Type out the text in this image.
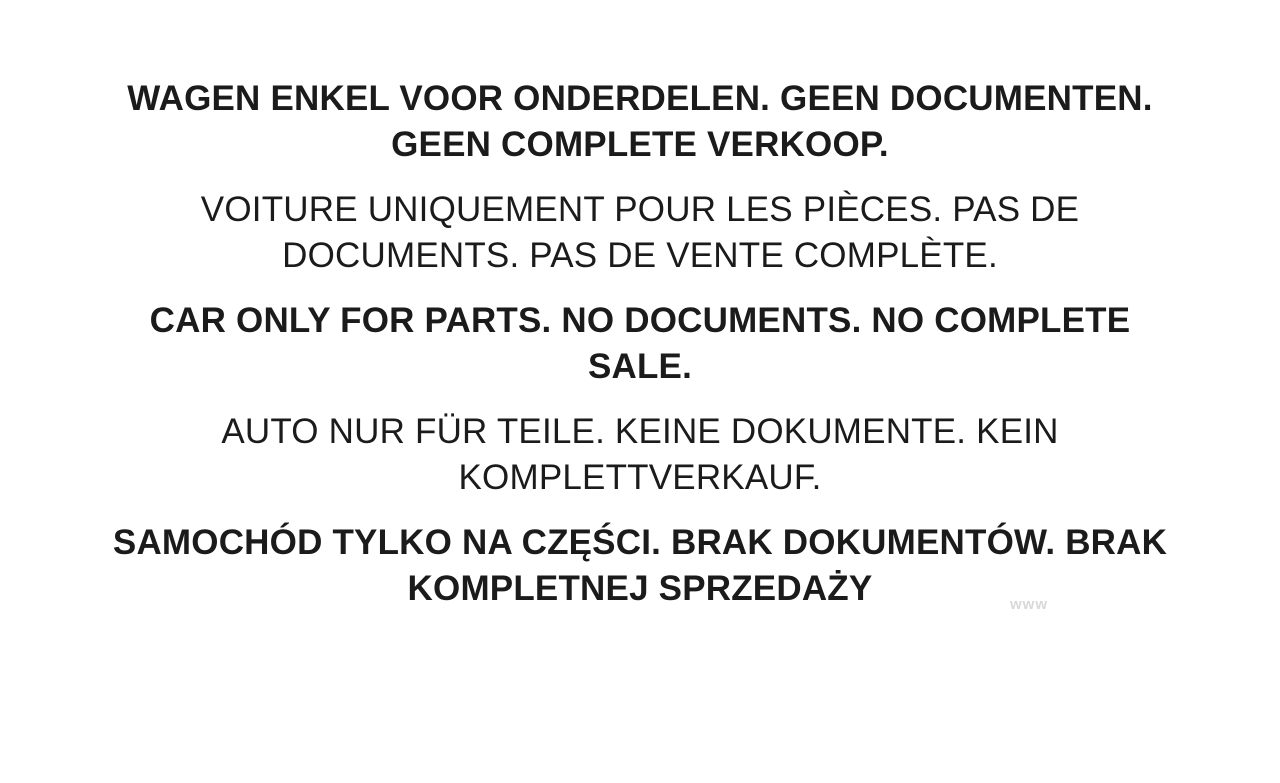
WAGEN ENKEL VOOR ONDERDELEN. GEEN DOCUMENTEN. GEEN COMPLETE VERKOOP.
VOITURE UNIQUEMENT POUR LES PIÈCES. PAS DE DOCUMENTS. PAS DE VENTE COMPLÈTE.
CAR ONLY FOR PARTS. NO DOCUMENTS. NO COMPLETE SALE.
AUTO NUR FÜR TEILE. KEINE DOKUMENTE. KEIN KOMPLETTVERKAUF.
SAMOCHÓD TYLKO NA CZĘŚCI. BRAK DOKUMENTÓW. BRAK KOMPLETNEJ SPRZEDAŻY	www
